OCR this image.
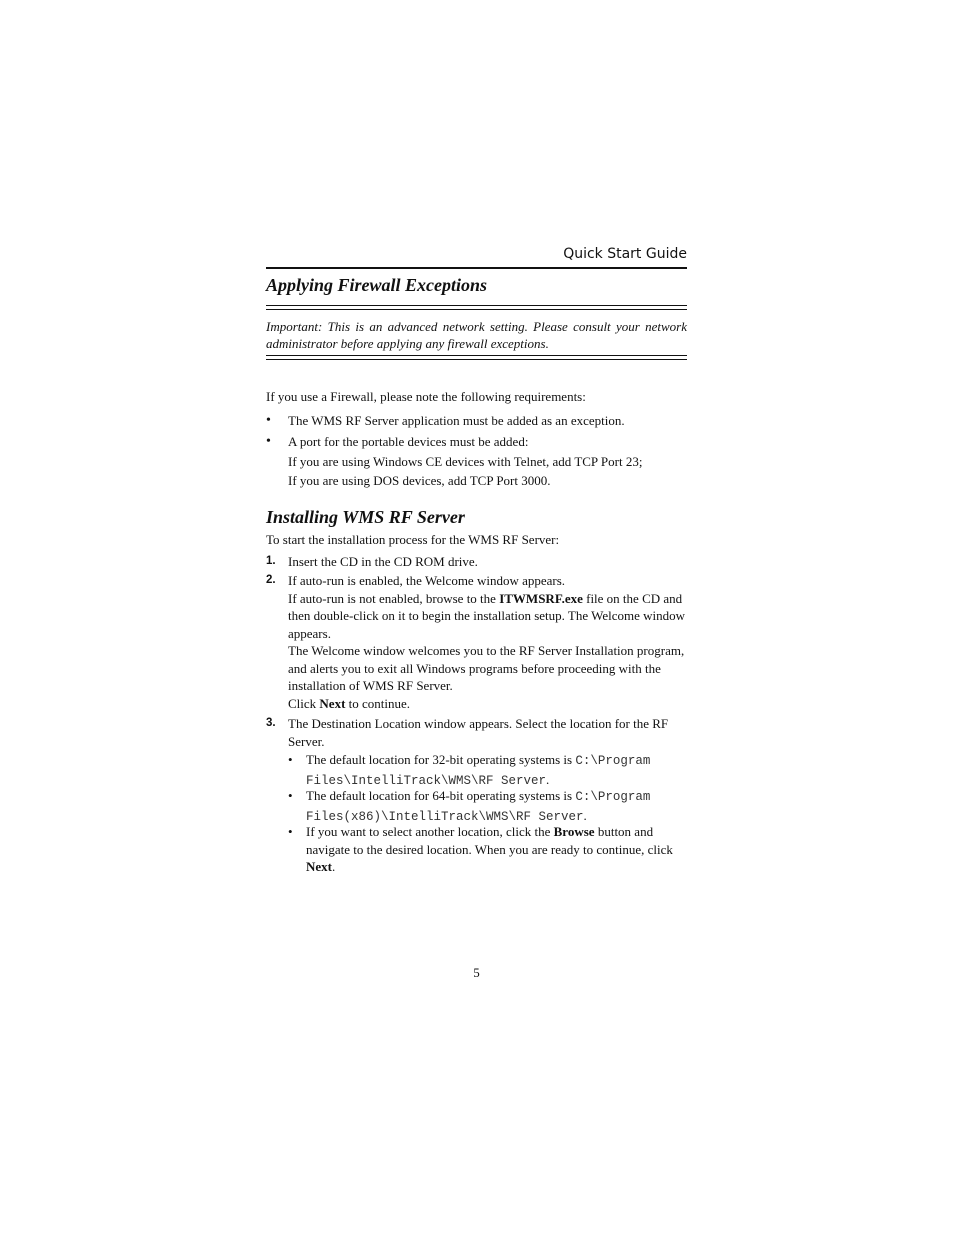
Quick Start Guide
Applying Firewall Exceptions
Important: This is an advanced network setting. Please consult your network administrator before applying any firewall exceptions.
If you use a Firewall, please note the following requirements:
•	The WMS RF Server application must be added as an exception.
•	A port for the portable devices must be added:
If you are using Windows CE devices with Telnet, add TCP Port 23;
If you are using DOS devices, add TCP Port 3000.
Installing WMS RF Server
To start the installation process for the WMS RF Server:
1. Insert the CD in the CD ROM drive.
2. If auto-run is enabled, the Welcome window appears.
If auto-run is not enabled, browse to the ITWMSRF.exe file on the CD and then double-click on it to begin the installation setup. The Welcome window appears.
The Welcome window welcomes you to the RF Server Installation program, and alerts you to exit all Windows programs before proceeding with the installation of WMS RF Server.
Click Next to continue.
3. The Destination Location window appears. Select the location for the RF Server.
• The default location for 32-bit operating systems is C:\Program Files\IntelliTrack\WMS\RF Server.
• The default location for 64-bit operating systems is C:\Program Files(x86)\IntelliTrack\WMS\RF Server.
• If you want to select another location, click the Browse button and navigate to the desired location. When you are ready to continue, click Next.
5
